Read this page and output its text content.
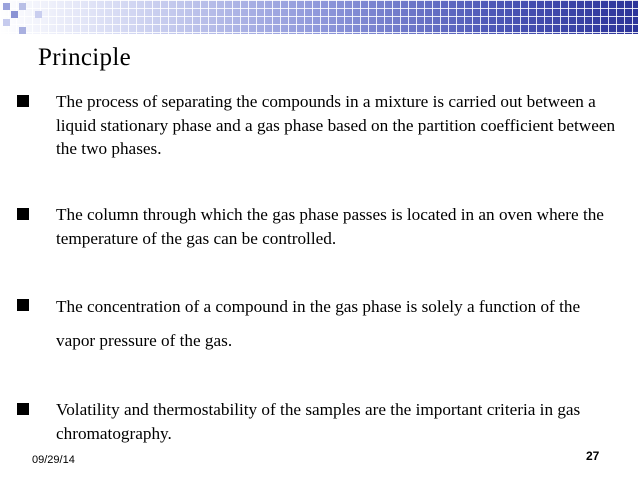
Principle
The process of separating the compounds in a mixture is carried out between a liquid stationary phase and a gas phase based on the partition coefficient between the two phases.
The column through which the gas phase passes is located in an oven where the temperature of the gas can be controlled.
The concentration of a compound in the gas phase is solely a function of the vapor pressure of the gas.
Volatility and thermostability of the samples are the important criteria in gas chromatography.
09/29/14	27
